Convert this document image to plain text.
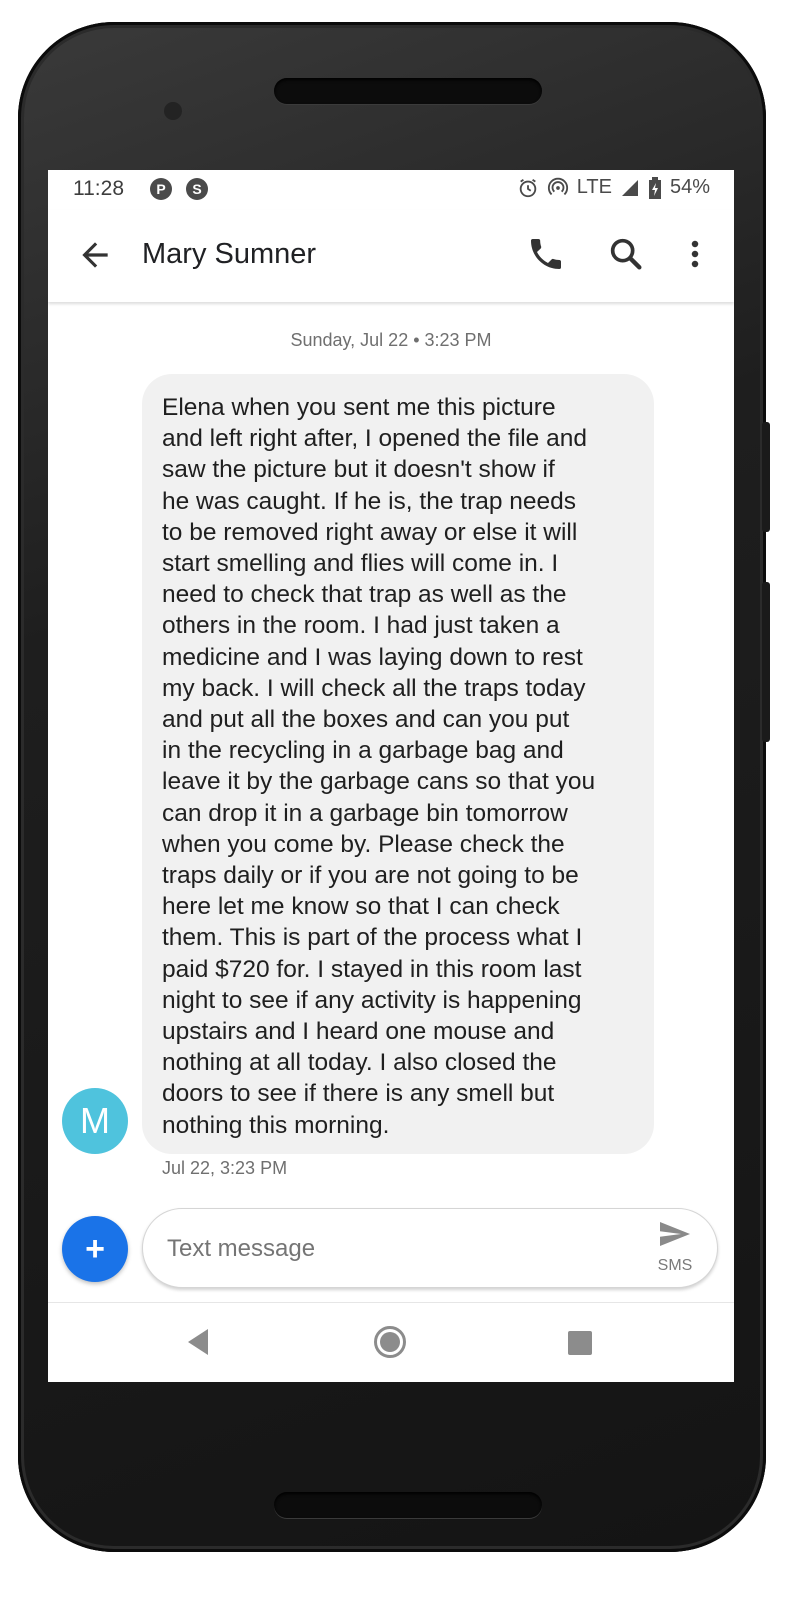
11:28	P	S	LTE	54%
Mary Sumner
Sunday, Jul 22 • 3:23 PM
Elena when you sent me this picture
and left right after, I opened the file and
saw the picture but it doesn't show if
he was caught. If he is, the trap needs
to be removed right away or else it will
start smelling and flies will come in. I
need to check that trap as well as the
others in the room. I had just taken a
medicine and I was laying down to rest
my back. I will check all the traps today
and put all the boxes and can you put
in the recycling in a garbage bag and
leave it by the garbage cans so that you
can drop it in a garbage bin tomorrow
when you come by. Please check the
traps daily or if you are not going to be
here let me know so that I can check
them. This is part of the process what I
paid $720 for. I stayed in this room last
night to see if any activity is happening
upstairs and I heard one mouse and
nothing at all today. I also closed the
doors to see if there is any smell but
nothing this morning.
M
Jul 22, 3:23 PM
+
Text message	SMS
